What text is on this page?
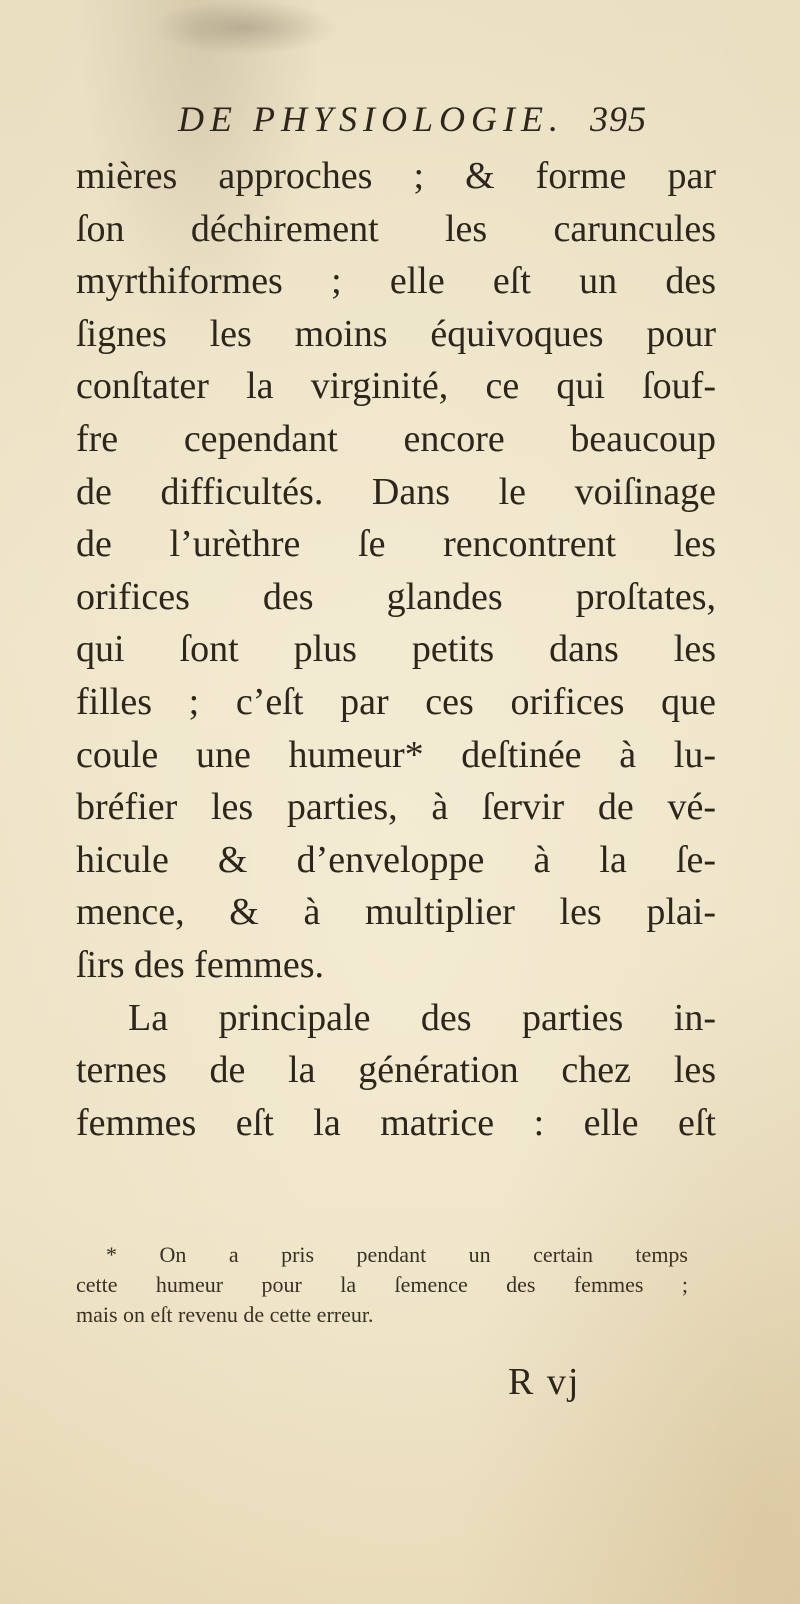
DE PHYSIOLOGIE. 395
mières approches ; & forme par
ſon déchirement les caruncules
myrthiformes ; elle eſt un des
ſignes les moins équivoques pour
conſtater la virginité, ce qui ſouf-
fre cependant encore beaucoup
de difficultés. Dans le voiſinage
de l’urèthre ſe rencontrent les
orifices des glandes proſtates,
qui ſont plus petits dans les
filles ; c’eſt par ces orifices que
coule une humeur* deſtinée à lu-
bréfier les parties, à ſervir de vé-
hicule & d’enveloppe à la ſe-
mence, & à multiplier les plai-
ſirs des femmes.
La principale des parties in-
ternes de la génération chez les
femmes eſt la matrice : elle eſt
* On a pris pendant un certain temps
cette humeur pour la ſemence des femmes ;
mais on eſt revenu de cette erreur.
R vj
